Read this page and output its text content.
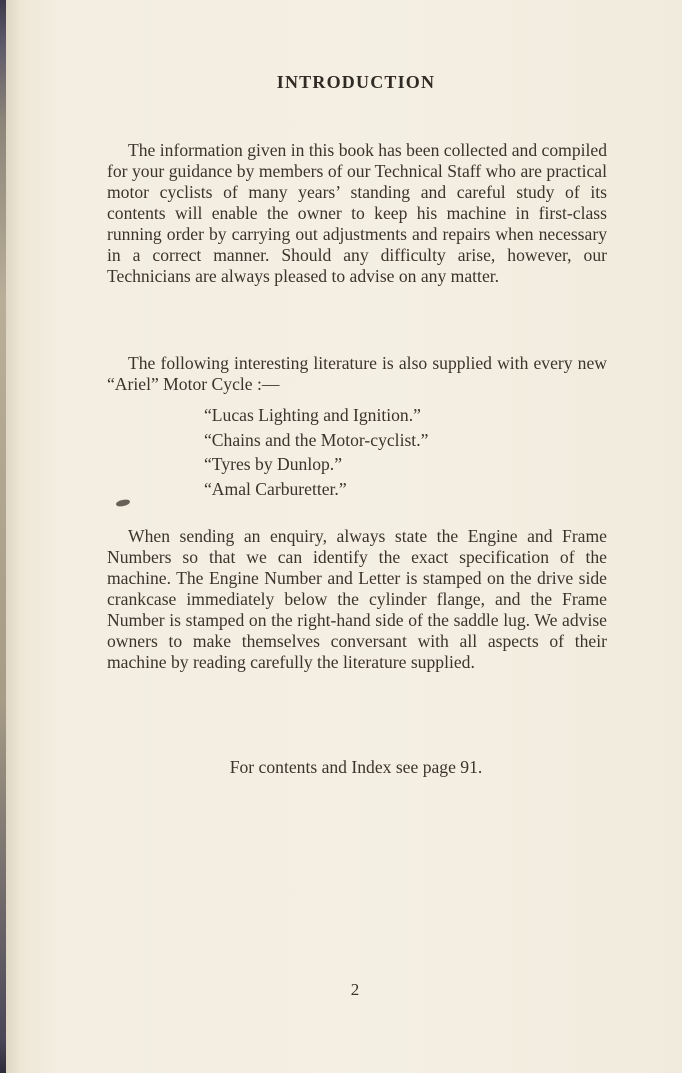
INTRODUCTION

The information given in this book has been collected and compiled for your guidance by members of our Technical Staff who are practical motor cyclists of many years’ standing and careful study of its contents will enable the owner to keep his machine in first-class running order by carrying out adjustments and repairs when necessary in a correct manner. Should any difficulty arise, however, our Technicians are always pleased to advise on any matter.

The following interesting literature is also supplied with every new “Ariel” Motor Cycle :—

“Lucas Lighting and Ignition.”
“Chains and the Motor-cyclist.”
“Tyres by Dunlop.”
“Amal Carburetter.”

When sending an enquiry, always state the Engine and Frame Numbers so that we can identify the exact specification of the machine. The Engine Number and Letter is stamped on the drive side crankcase immediately below the cylinder flange, and the Frame Number is stamped on the right-hand side of the saddle lug. We advise owners to make themselves conversant with all aspects of their machine by reading carefully the literature supplied.

For contents and Index see page 91.
2
